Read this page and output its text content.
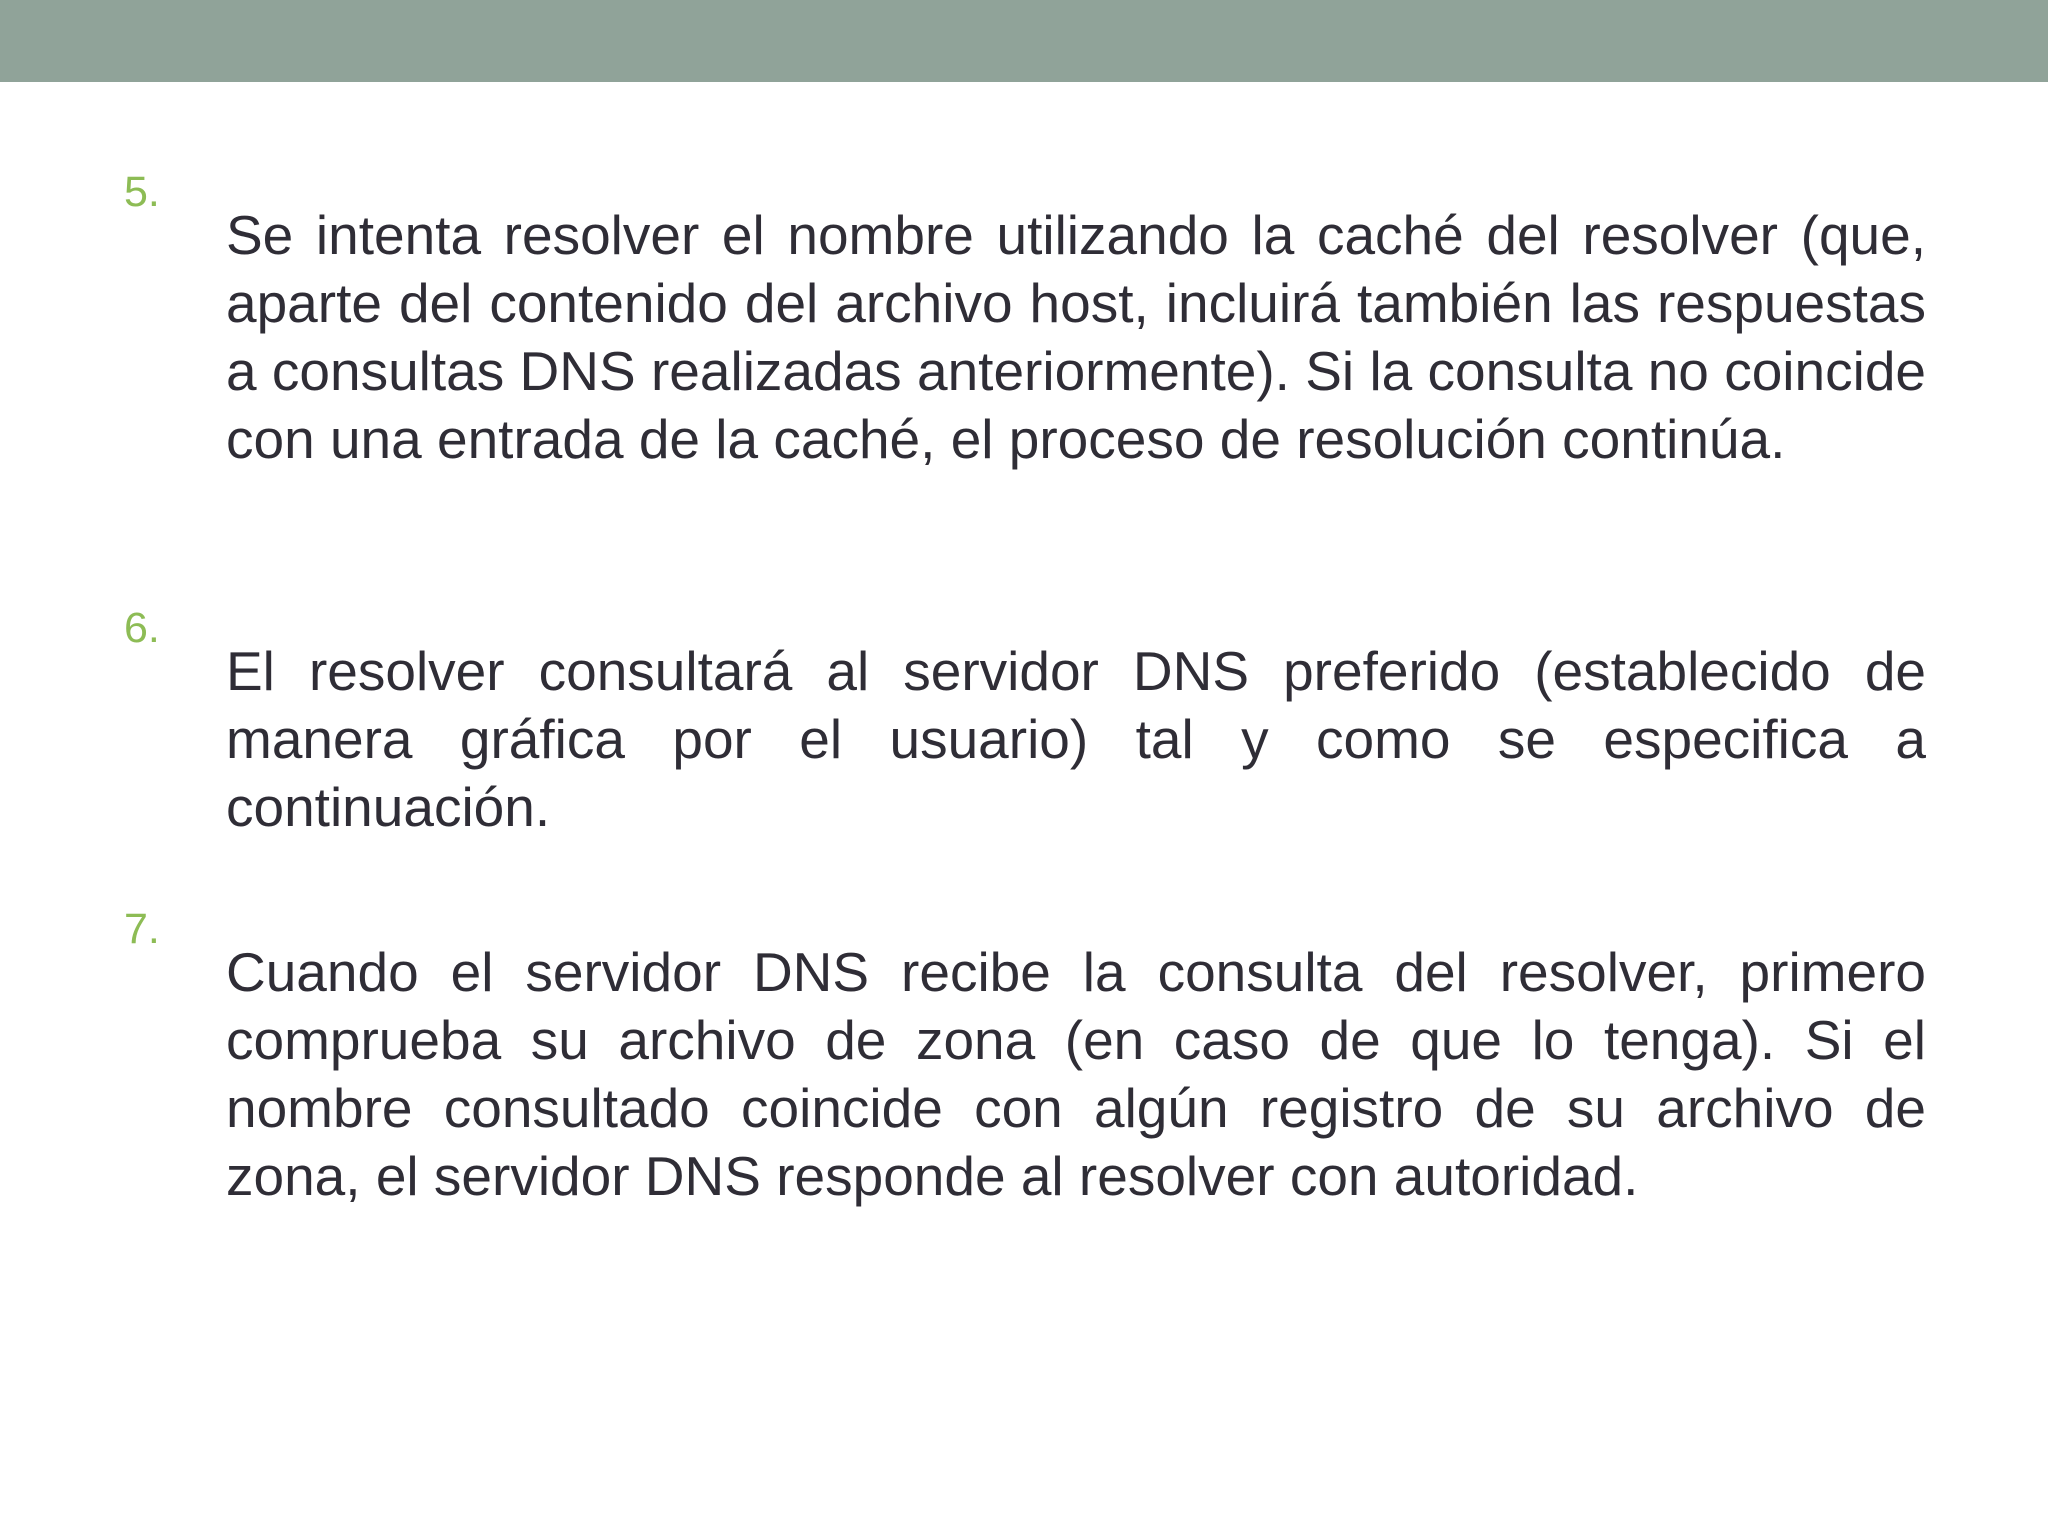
5.

Se intenta resolver el nombre utilizando la caché del resolver (que, aparte del contenido del archivo host, incluirá también las respuestas a consultas DNS realizadas anteriormente). Si la consulta no coincide con una entrada de la caché, el proceso de resolución continúa.

6.

El resolver consultará al servidor DNS preferido (establecido de manera gráfica por el usuario) tal y como se especifica a continuación.

7.

Cuando el servidor DNS recibe la consulta del resolver, primero comprueba su archivo de zona (en caso de que lo tenga). Si el nombre consultado coincide con algún registro de su archivo de zona, el servidor DNS responde al resolver con autoridad.
